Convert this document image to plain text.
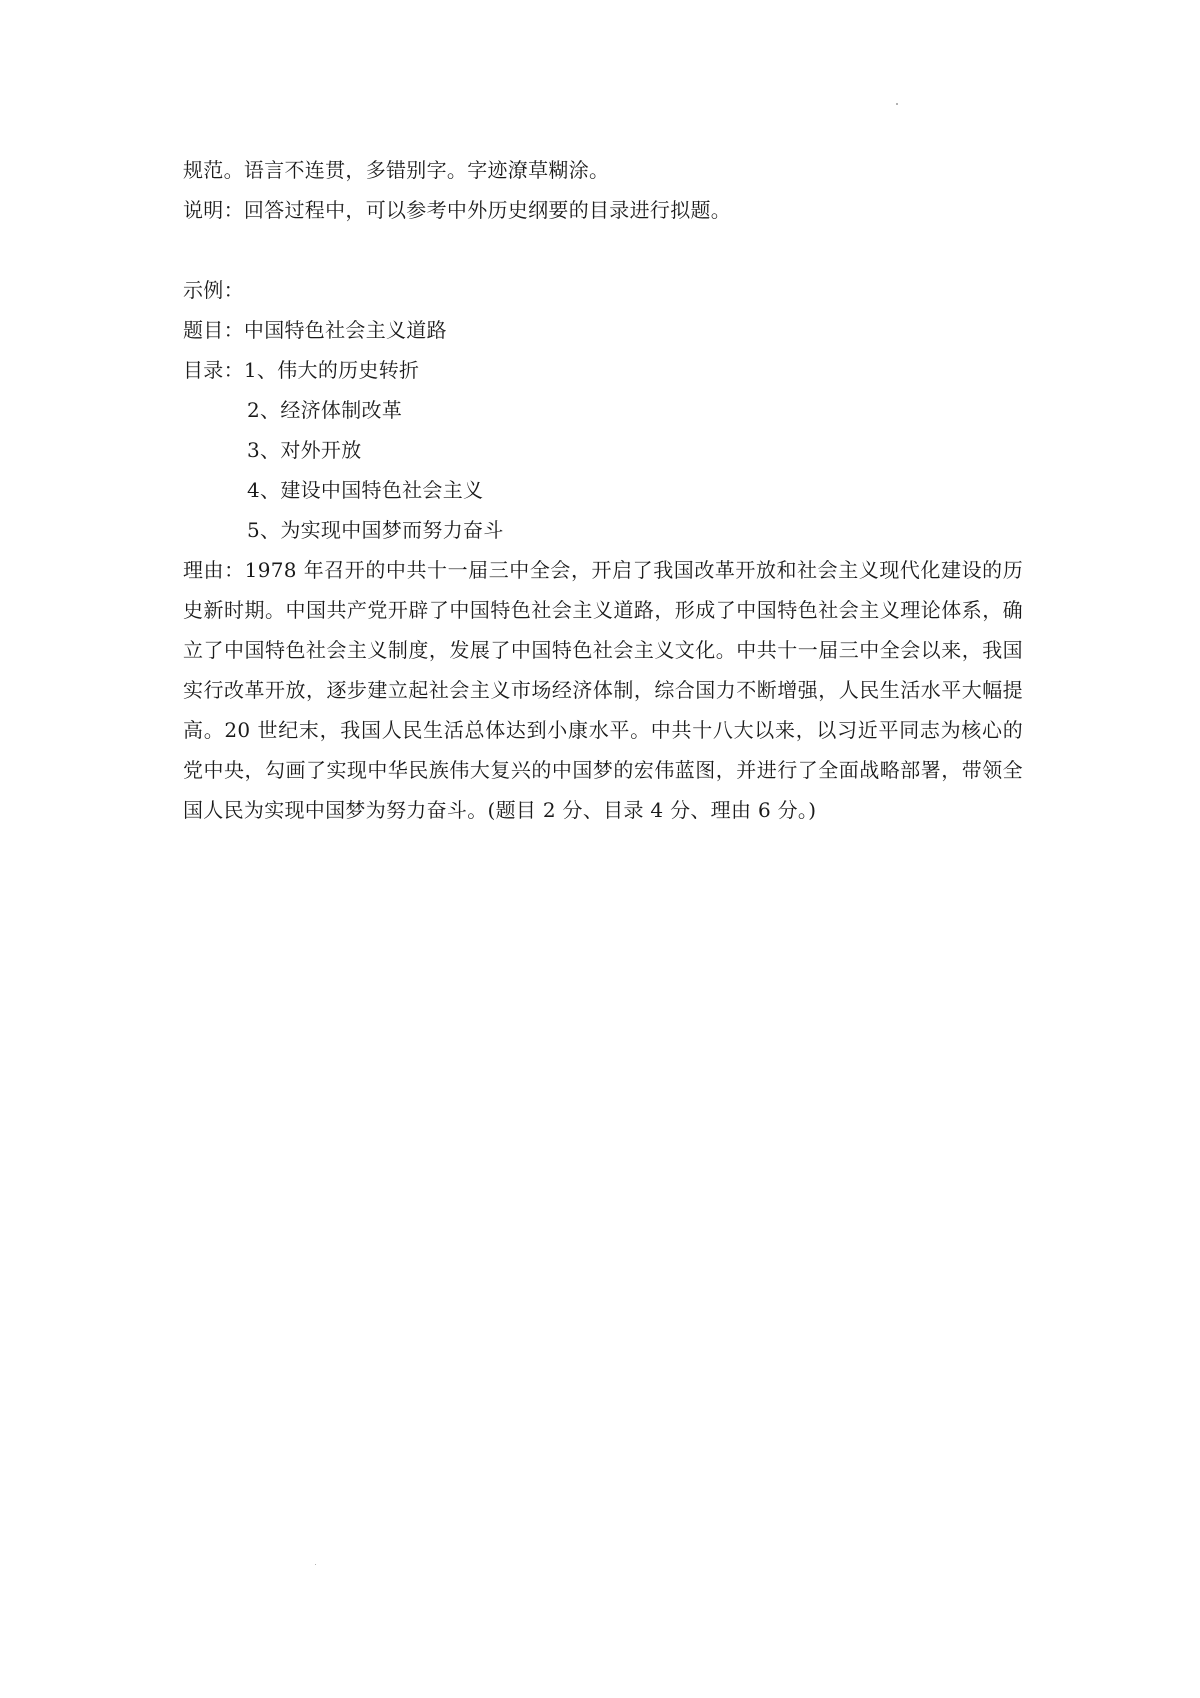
规范。语言不连贯，多错别字。字迹潦草糊涂。
说明：回答过程中，可以参考中外历史纲要的目录进行拟题。
示例：
题目：中国特色社会主义道路
目录：1、伟大的历史转折
2、经济体制改革
3、对外开放
4、建设中国特色社会主义
5、为实现中国梦而努力奋斗
理由：1978 年召开的中共十一届三中全会，开启了我国改革开放和社会主义现代化建设的历史新时期。中国共产党开辟了中国特色社会主义道路，形成了中国特色社会主义理论体系，确立了中国特色社会主义制度，发展了中国特色社会主义文化。中共十一届三中全会以来，我国实行改革开放，逐步建立起社会主义市场经济体制，综合国力不断增强，人民生活水平大幅提高。20 世纪末，我国人民生活总体达到小康水平。中共十八大以来，以习近平同志为核心的党中央，勾画了实现中华民族伟大复兴的中国梦的宏伟蓝图，并进行了全面战略部署，带领全国人民为实现中国梦为努力奋斗。(题目 2 分、目录 4 分、理由 6 分。)
